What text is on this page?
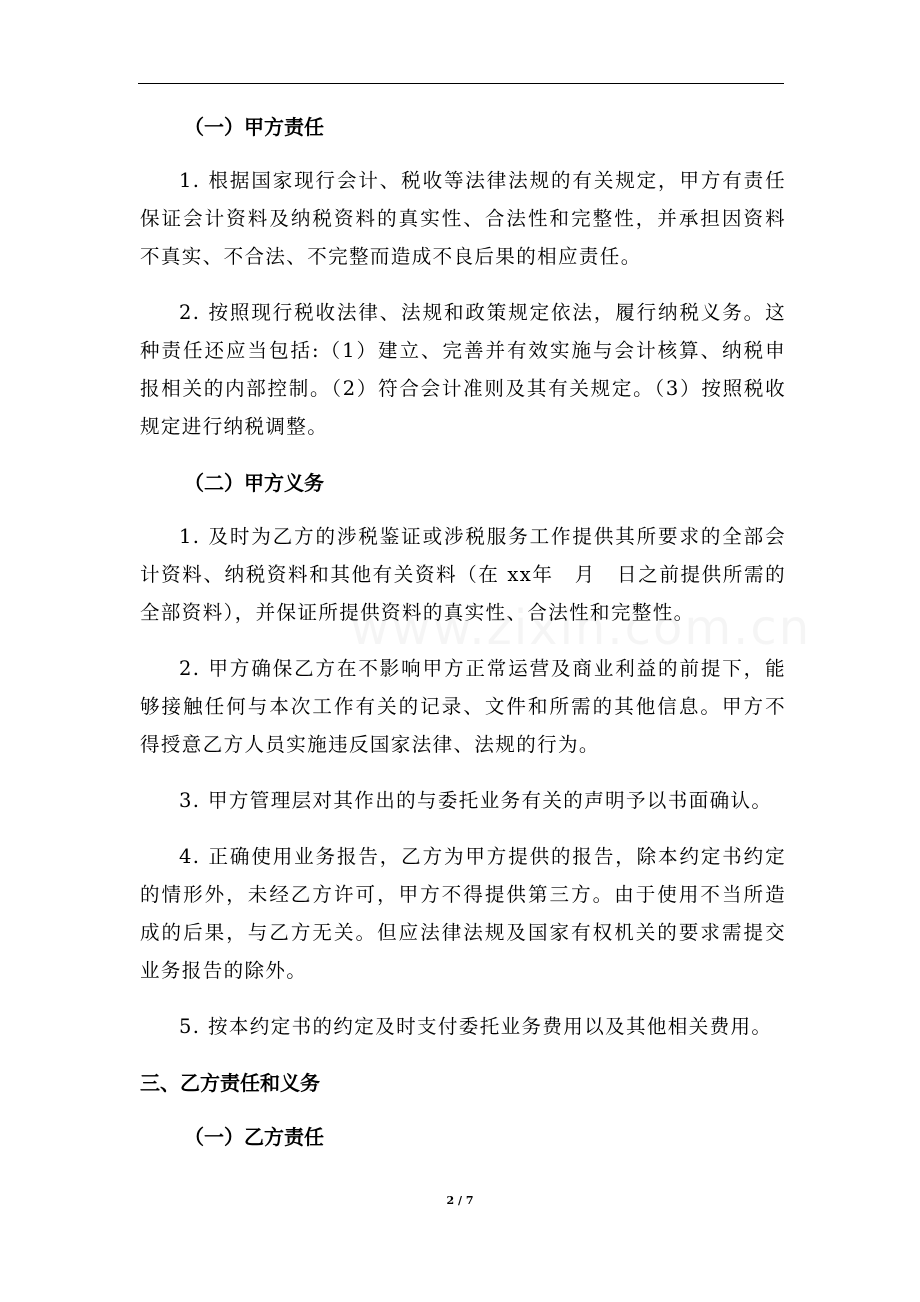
（一）甲方责任

1. 根据国家现行会计、税收等法律法规的有关规定，甲方有责任保证会计资料及纳税资料的真实性、合法性和完整性，并承担因资料不真实、不合法、不完整而造成不良后果的相应责任。

2. 按照现行税收法律、法规和政策规定依法，履行纳税义务。这种责任还应当包括:（1）建立、完善并有效实施与会计核算、纳税申报相关的内部控制。（2）符合会计准则及其有关规定。（3）按照税收规定进行纳税调整。

（二）甲方义务

1. 及时为乙方的涉税鉴证或涉税服务工作提供其所要求的全部会计资料、纳税资料和其他有关资料（在 xx年　月　日之前提供所需的全部资料），并保证所提供资料的真实性、合法性和完整性。

2. 甲方确保乙方在不影响甲方正常运营及商业利益的前提下，能够接触任何与本次工作有关的记录、文件和所需的其他信息。甲方不得授意乙方人员实施违反国家法律、法规的行为。

3. 甲方管理层对其作出的与委托业务有关的声明予以书面确认。

4. 正确使用业务报告，乙方为甲方提供的报告，除本约定书约定的情形外，未经乙方许可，甲方不得提供第三方。由于使用不当所造成的后果，与乙方无关。但应法律法规及国家有权机关的要求需提交业务报告的除外。

5. 按本约定书的约定及时支付委托业务费用以及其他相关费用。

三、乙方责任和义务
（一）乙方责任
2 / 7
